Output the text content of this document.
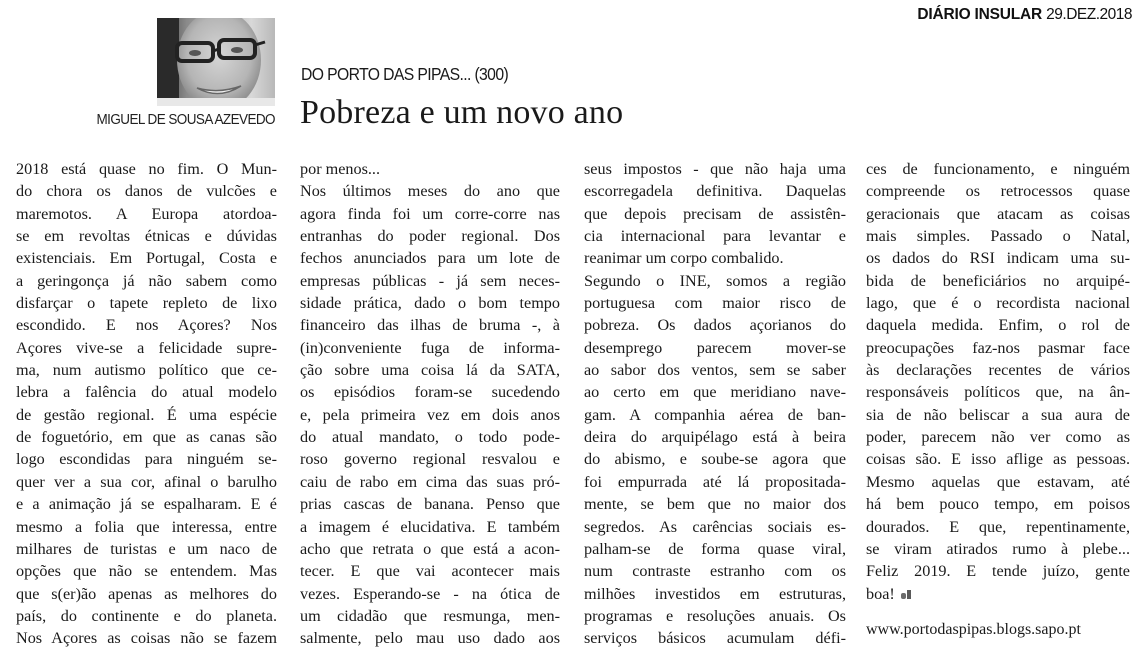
DIÁRIO INSULAR 29.DEZ.2018
MIGUEL DE SOUSA AZEVEDO
DO PORTO DAS PIPAS... (300)
Pobreza e um novo ano
2018 está quase no fim. O Mun-
do chora os danos de vulcões e
maremotos. A Europa atordoa-
se em revoltas étnicas e dúvidas
existenciais. Em Portugal, Costa e
a geringonça já não sabem como
disfarçar o tapete repleto de lixo
escondido. E nos Açores? Nos
Açores vive-se a felicidade supre-
ma, num autismo político que ce-
lebra a falência do atual modelo
de gestão regional. É uma espécie
de foguetório, em que as canas são
logo escondidas para ninguém se-
quer ver a sua cor, afinal o barulho
e a animação já se espalharam. E é
mesmo a folia que interessa, entre
milhares de turistas e um naco de
opções que não se entendem. Mas
que s(er)ão apenas as melhores do
país, do continente e do planeta.
Nos Açores as coisas não se fazem
por menos...
Nos últimos meses do ano que
agora finda foi um corre-corre nas
entranhas do poder regional. Dos
fechos anunciados para um lote de
empresas públicas - já sem neces-
sidade prática, dado o bom tempo
financeiro das ilhas de bruma -, à
(in)conveniente fuga de informa-
ção sobre uma coisa lá da SATA,
os episódios foram-se sucedendo
e, pela primeira vez em dois anos
do atual mandato, o todo pode-
roso governo regional resvalou e
caiu de rabo em cima das suas pró-
prias cascas de banana. Penso que
a imagem é elucidativa. E também
acho que retrata o que está a acon-
tecer. E que vai acontecer mais
vezes. Esperando-se - na ótica de
um cidadão que resmunga, men-
salmente, pelo mau uso dado aos
seus impostos - que não haja uma
escorregadela definitiva. Daquelas
que depois precisam de assistên-
cia internacional para levantar e
reanimar um corpo combalido.
Segundo o INE, somos a região
portuguesa com maior risco de
pobreza. Os dados açorianos do
desemprego parecem mover-se
ao sabor dos ventos, sem se saber
ao certo em que meridiano nave-
gam. A companhia aérea de ban-
deira do arquipélago está à beira
do abismo, e soube-se agora que
foi empurrada até lá propositada-
mente, se bem que no maior dos
segredos. As carências sociais es-
palham-se de forma quase viral,
num contraste estranho com os
milhões investidos em estruturas,
programas e resoluções anuais. Os
serviços básicos acumulam défi-
ces de funcionamento, e ninguém
compreende os retrocessos quase
geracionais que atacam as coisas
mais simples. Passado o Natal,
os dados do RSI indicam uma su-
bida de beneficiários no arquipé-
lago, que é o recordista nacional
daquela medida. Enfim, o rol de
preocupações faz-nos pasmar face
às declarações recentes de vários
responsáveis políticos que, na ân-
sia de não beliscar a sua aura de
poder, parecem não ver como as
coisas são. E isso aflige as pessoas.
Mesmo aquelas que estavam, até
há bem pouco tempo, em poisos
dourados. E que, repentinamente,
se viram atirados rumo à plebe...
Feliz 2019. E tende juízo, gente
boa!
www.portodaspipas.blogs.sapo.pt
